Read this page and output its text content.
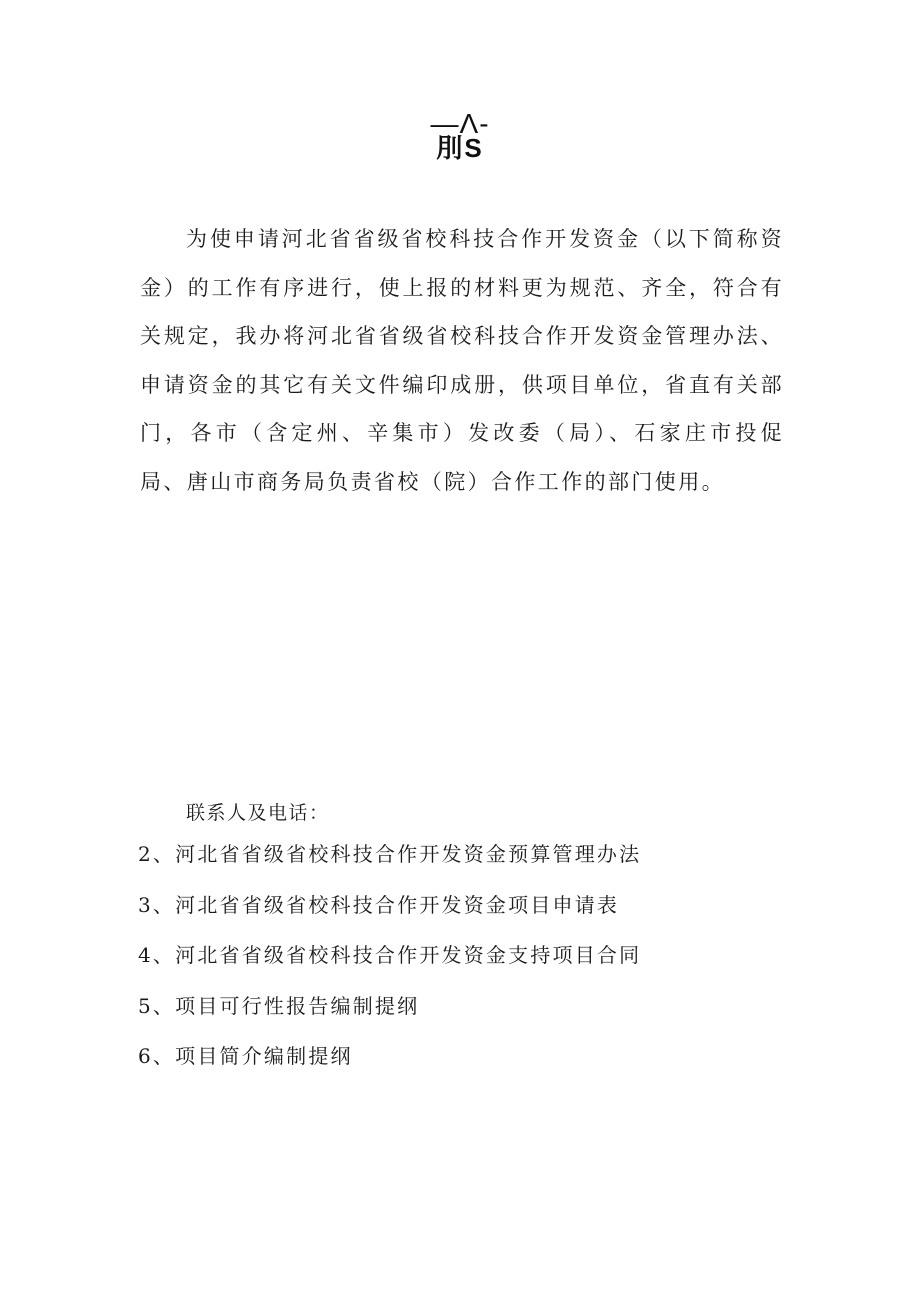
—Λ-
刖S

为使申请河北省省级省校科技合作开发资金（以下简称资金）的工作有序进行，使上报的材料更为规范、齐全，符合有关规定，我办将河北省省级省校科技合作开发资金管理办法、申请资金的其它有关文件编印成册，供项目单位，省直有关部门，各市（含定州、辛集市）发改委（局）、石家庄市投促局、唐山市商务局负责省校（院）合作工作的部门使用。

联系人及电话：

2、河北省省级省校科技合作开发资金预算管理办法
3、河北省省级省校科技合作开发资金项目申请表
4、河北省省级省校科技合作开发资金支持项目合同
5、项目可行性报告编制提纲
6、项目简介编制提纲
